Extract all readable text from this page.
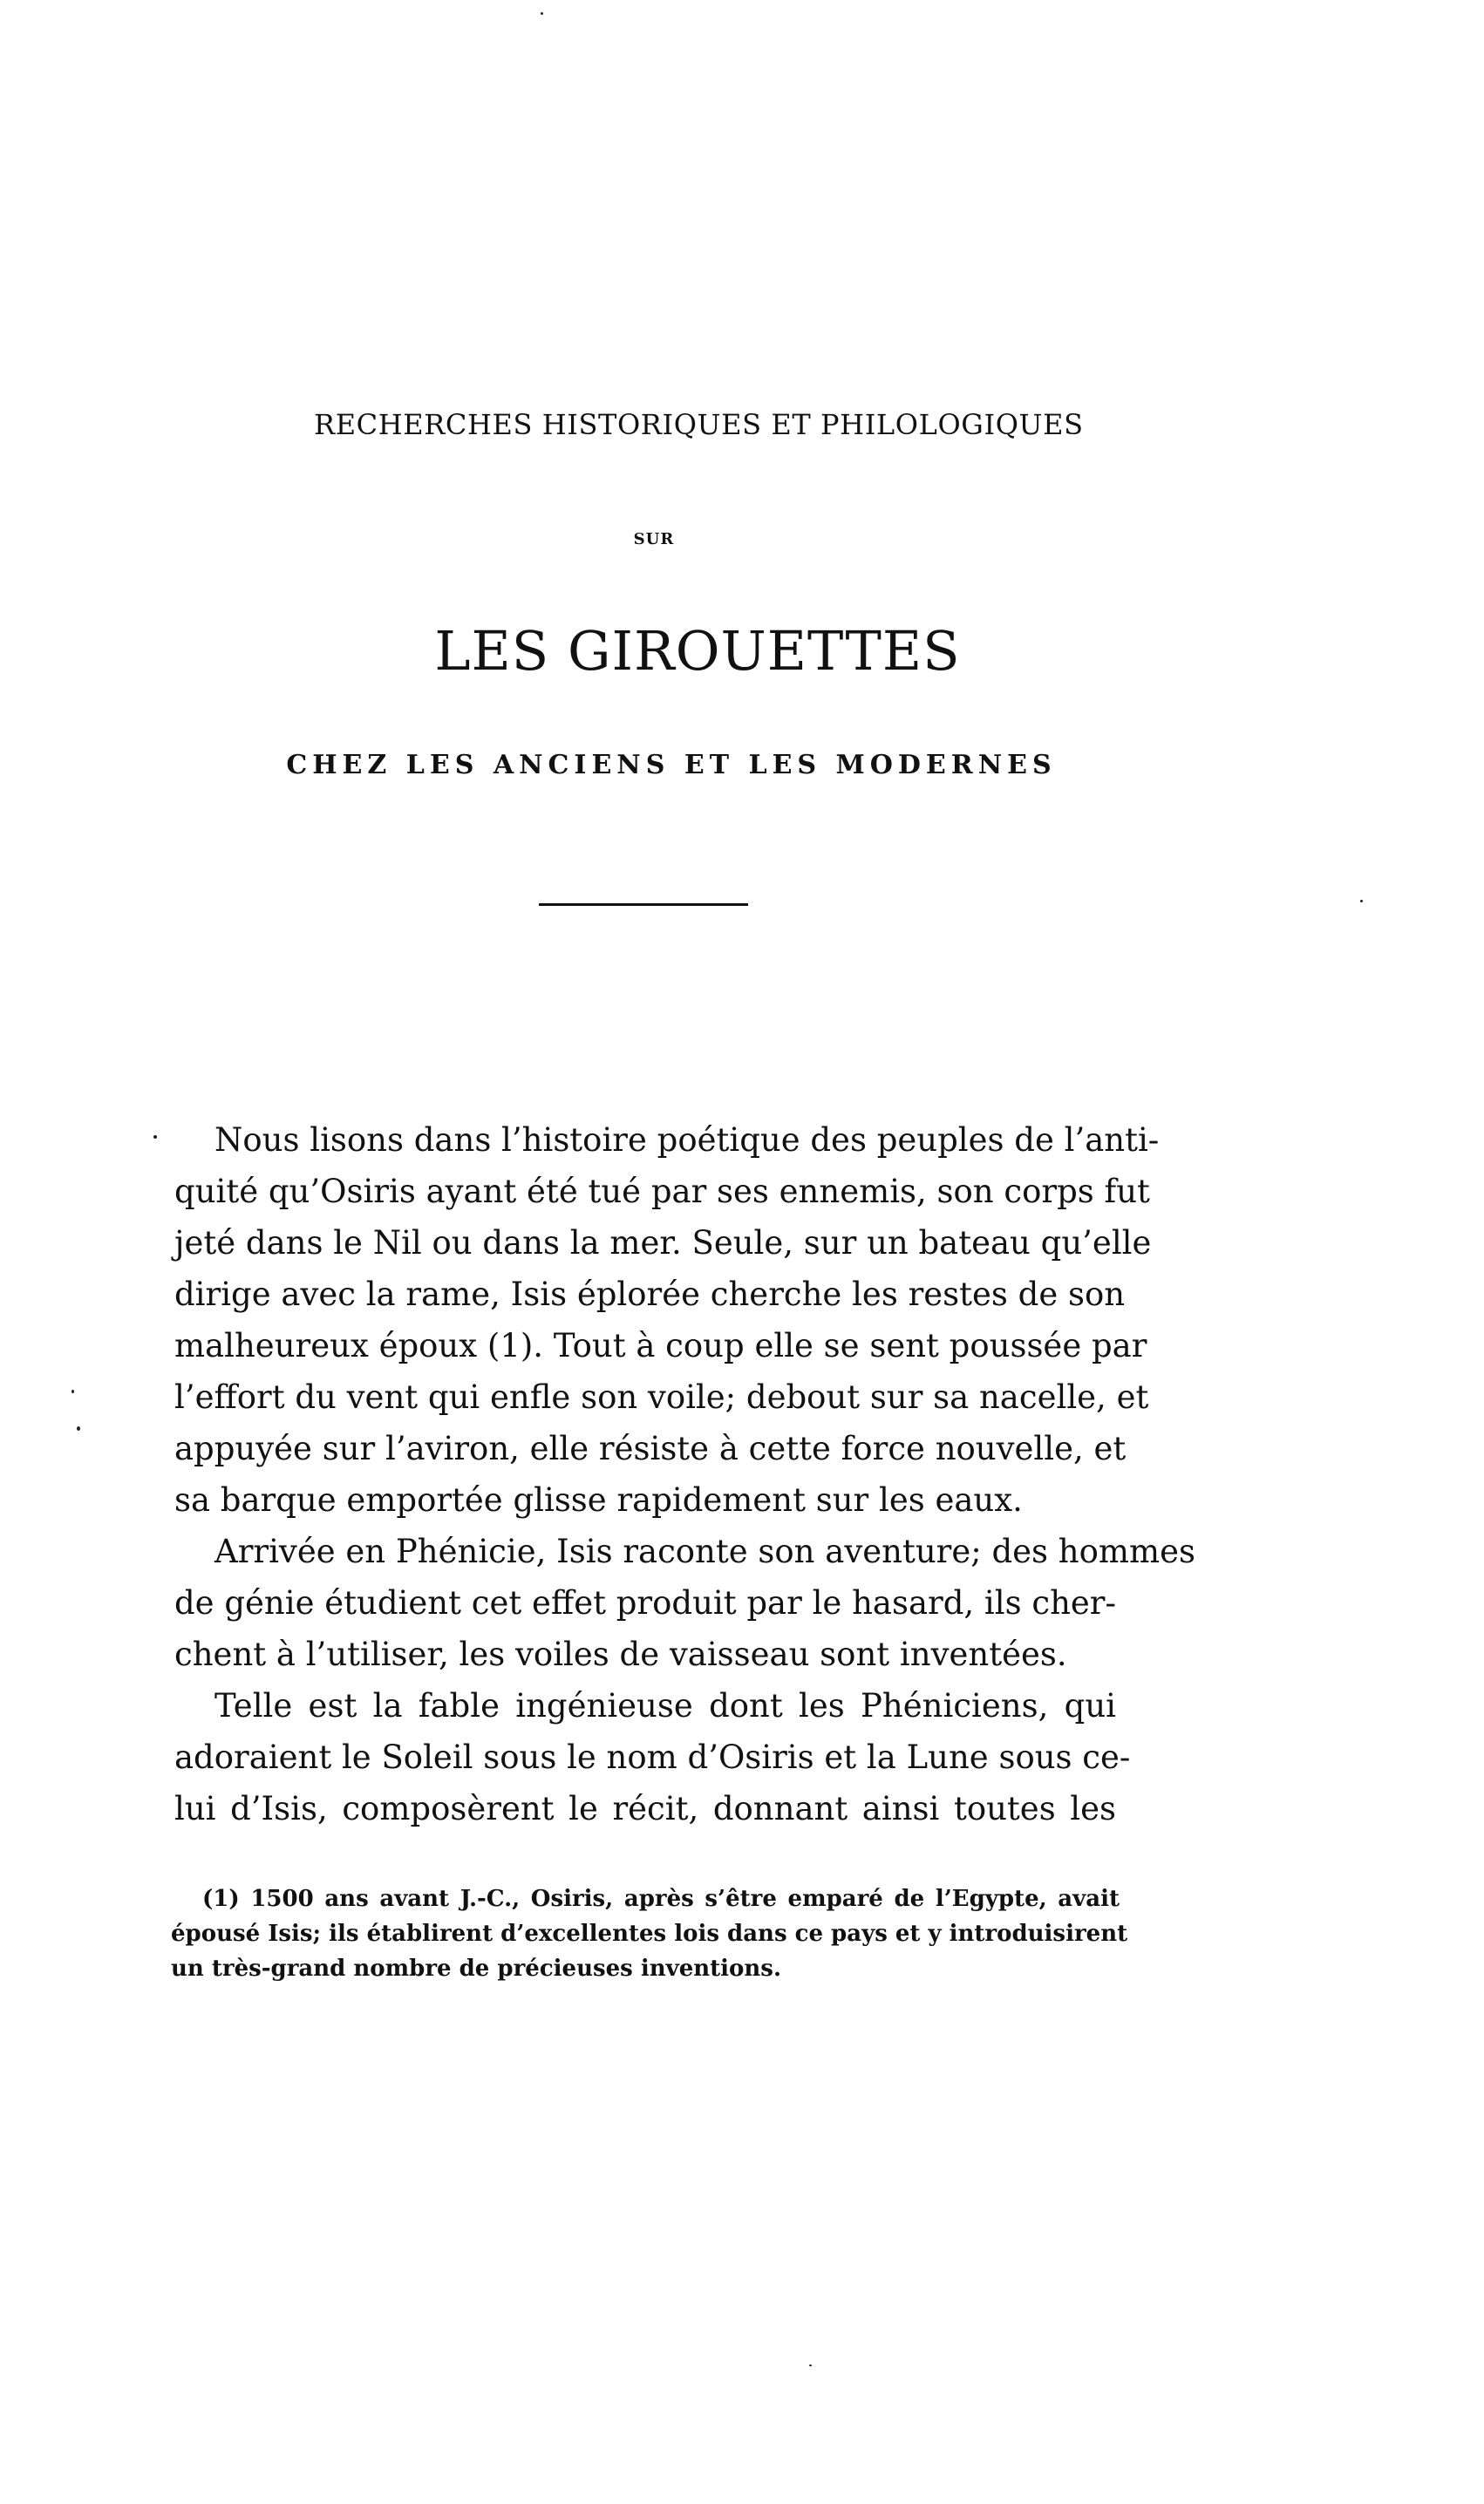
RECHERCHES HISTORIQUES ET PHILOLOGIQUES
SUR
LES GIROUETTES
CHEZ LES ANCIENS ET LES MODERNES
Nous lisons dans l’histoire poétique des peuples de l’anti-
quité qu’Osiris ayant été tué par ses ennemis, son corps fut
jeté dans le Nil ou dans la mer. Seule, sur un bateau qu’elle
dirige avec la rame, Isis éplorée cherche les restes de son
malheureux époux (1). Tout à coup elle se sent poussée par
l’effort du vent qui enfle son voile; debout sur sa nacelle, et
appuyée sur l’aviron, elle résiste à cette force nouvelle, et
sa barque emportée glisse rapidement sur les eaux.
Arrivée en Phénicie, Isis raconte son aventure; des hommes
de génie étudient cet effet produit par le hasard, ils cher-
chent à l’utiliser, les voiles de vaisseau sont inventées.
Telle est la fable ingénieuse dont les Phéniciens, qui
adoraient le Soleil sous le nom d’Osiris et la Lune sous ce-
lui d’Isis, composèrent le récit, donnant ainsi toutes les
(1) 1500 ans avant J.-C., Osiris, après s’être emparé de l’Egypte, avait
épousé Isis; ils établirent d’excellentes lois dans ce pays et y introduisirent
un très-grand nombre de précieuses inventions.
